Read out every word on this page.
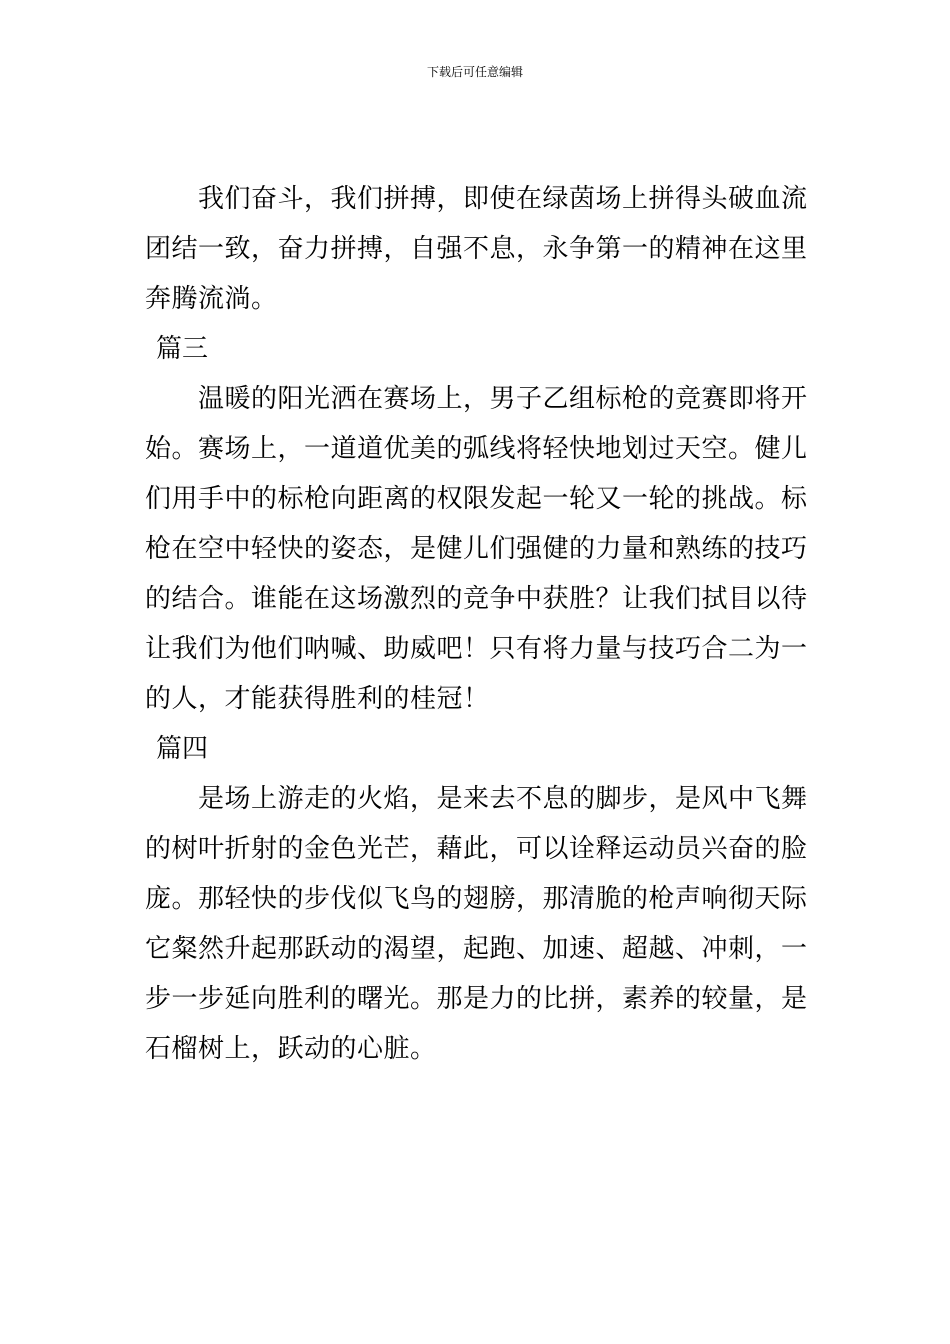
下载后可任意编辑
　　我们奋斗，我们拼搏，即使在绿茵场上拼得头破血流
团结一致，奋力拼搏，自强不息，永争第一的精神在这里
奔腾流淌。
篇三
　　温暖的阳光洒在赛场上，男子乙组标枪的竞赛即将开
始。赛场上，一道道优美的弧线将轻快地划过天空。健儿
们用手中的标枪向距离的权限发起一轮又一轮的挑战。标
枪在空中轻快的姿态，是健儿们强健的力量和熟练的技巧
的结合。谁能在这场激烈的竞争中获胜？让我们拭目以待
让我们为他们呐喊、助威吧！只有将力量与技巧合二为一
的人，才能获得胜利的桂冠！
篇四
　　是场上游走的火焰，是来去不息的脚步，是风中飞舞
的树叶折射的金色光芒，藉此，可以诠释运动员兴奋的脸
庞。那轻快的步伐似飞鸟的翅膀，那清脆的枪声响彻天际
它粲然升起那跃动的渴望，起跑、加速、超越、冲刺，一
步一步延向胜利的曙光。那是力的比拼，素养的较量，是
石榴树上，跃动的心脏。
